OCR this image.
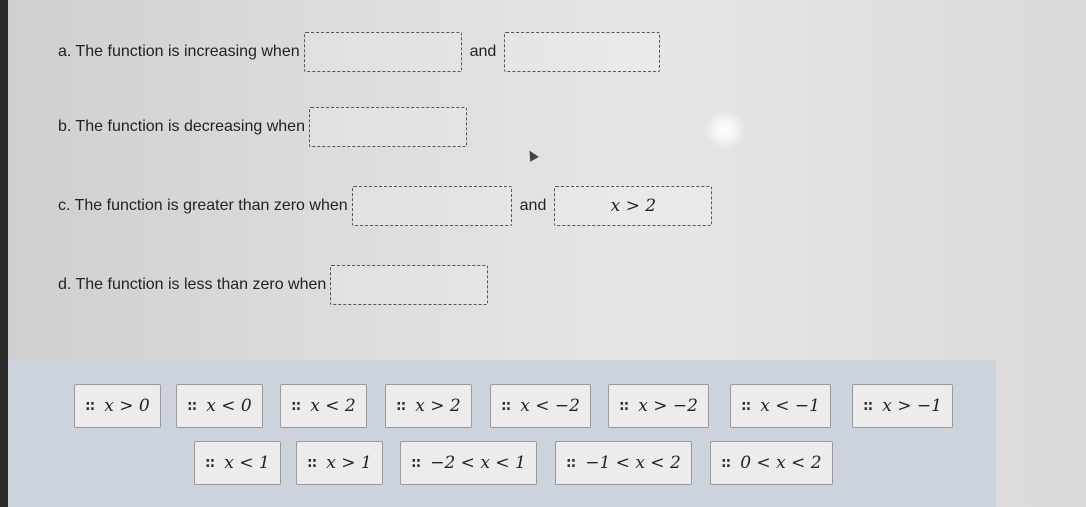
a. The function is increasing when	and
b. The function is decreasing when
c. The function is greater than zero when	and	x > 2
d. The function is less than zero when
:: x > 0	:: x < 0	:: x < 2	:: x > 2	:: x < −2	:: x > −2	:: x < −1	:: x > −1
:: x < 1	:: x > 1	:: −2 < x < 1	:: −1 < x < 2	:: 0 < x < 2
